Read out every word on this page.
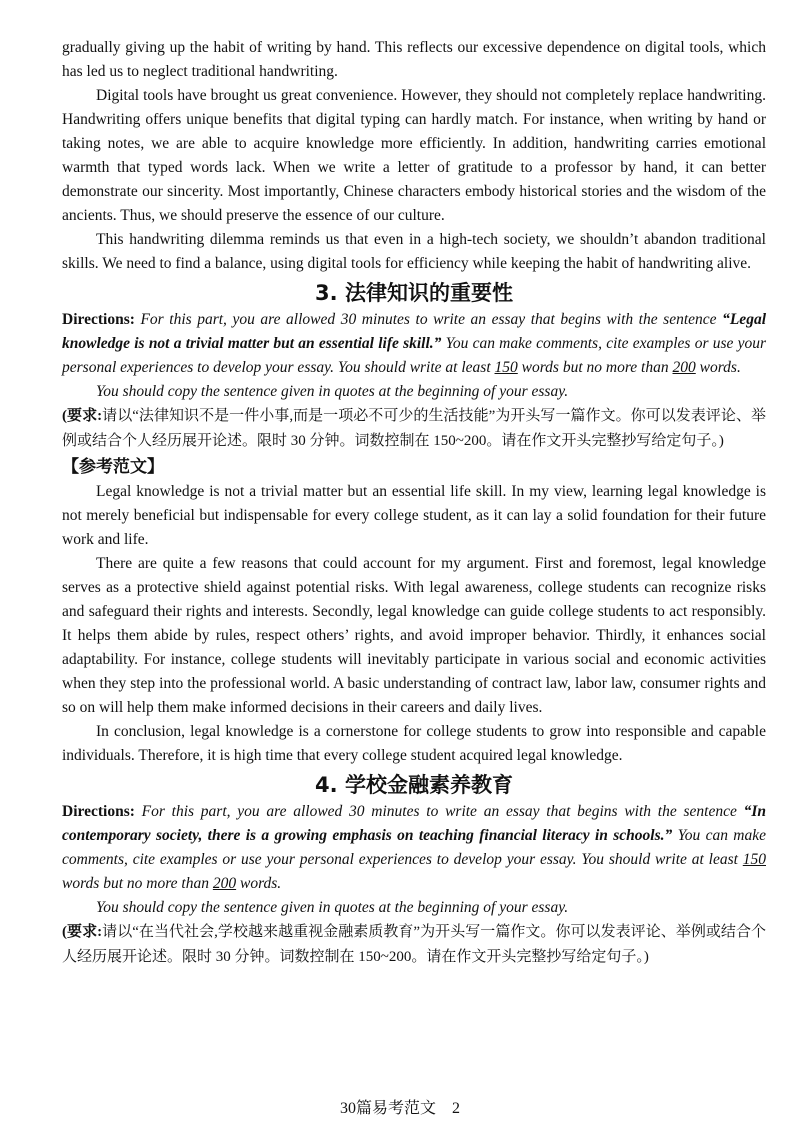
gradually giving up the habit of writing by hand. This reflects our excessive dependence on digital tools, which has led us to neglect traditional handwriting.

Digital tools have brought us great convenience. However, they should not completely replace handwriting. Handwriting offers unique benefits that digital typing can hardly match. For instance, when writing by hand or taking notes, we are able to acquire knowledge more efficiently. In addition, handwriting carries emotional warmth that typed words lack. When we write a letter of gratitude to a professor by hand, it can better demonstrate our sincerity. Most importantly, Chinese characters embody historical stories and the wisdom of the ancients. Thus, we should preserve the essence of our culture.

This handwriting dilemma reminds us that even in a high-tech society, we shouldn’t abandon traditional skills. We need to find a balance, using digital tools for efficiency while keeping the habit of handwriting alive.

3. 法律知识的重要性

Directions: For this part, you are allowed 30 minutes to write an essay that begins with the sentence “Legal knowledge is not a trivial matter but an essential life skill.” You can make comments, cite examples or use your personal experiences to develop your essay. You should write at least 150 words but no more than 200 words.

You should copy the sentence given in quotes at the beginning of your essay.

(要求:请以“法律知识不是一件小事,而是一项必不可少的生活技能”为开头写一篇作文。你可以发表评论、举例或结合个人经历展开论述。限时 30 分钟。词数控制在 150~200。请在作文开头完整抄写给定句子。)

【参考范文】

Legal knowledge is not a trivial matter but an essential life skill. In my view, learning legal knowledge is not merely beneficial but indispensable for every college student, as it can lay a solid foundation for their future work and life.

There are quite a few reasons that could account for my argument. First and foremost, legal knowledge serves as a protective shield against potential risks. With legal awareness, college students can recognize risks and safeguard their rights and interests. Secondly, legal knowledge can guide college students to act responsibly. It helps them abide by rules, respect others’ rights, and avoid improper behavior. Thirdly, it enhances social adaptability. For instance, college students will inevitably participate in various social and economic activities when they step into the professional world. A basic understanding of contract law, labor law, consumer rights and so on will help them make informed decisions in their careers and daily lives.

In conclusion, legal knowledge is a cornerstone for college students to grow into responsible and capable individuals. Therefore, it is high time that every college student acquired legal knowledge.

4. 学校金融素养教育

Directions: For this part, you are allowed 30 minutes to write an essay that begins with the sentence “In contemporary society, there is a growing emphasis on teaching financial literacy in schools.” You can make comments, cite examples or use your personal experiences to develop your essay. You should write at least 150 words but no more than 200 words.

You should copy the sentence given in quotes at the beginning of your essay.

(要求:请以“在当代社会,学校越来越重视金融素质教育”为开头写一篇作文。你可以发表评论、举例或结合个人经历展开论述。限时 30 分钟。词数控制在 150~200。请在作文开头完整抄写给定句子。)

30篇易考范文　2
